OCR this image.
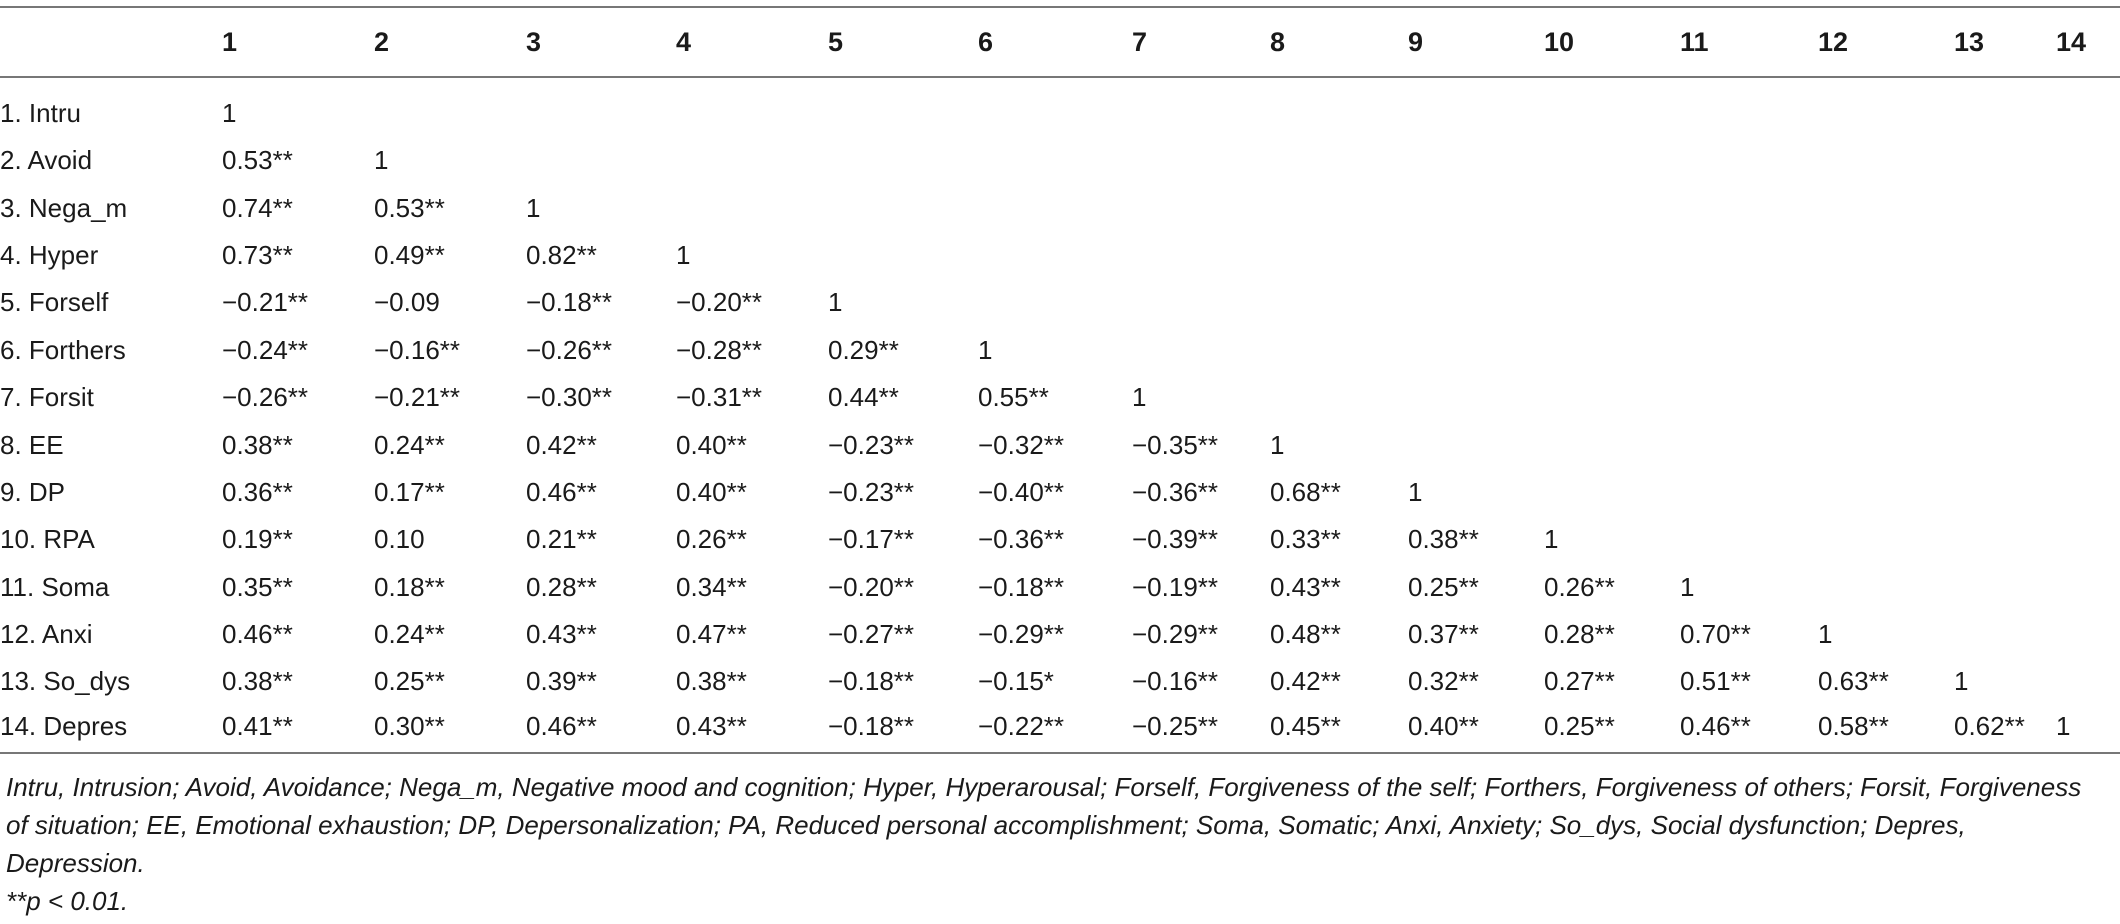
	1	2	3	4	5	6	7	8	9	10	11	12	13	14
1. Intru	1													
2. Avoid	0.53**	1												
3. Nega_m	0.74**	0.53**	1											
4. Hyper	0.73**	0.49**	0.82**	1										
5. Forself	−0.21**	−0.09	−0.18**	−0.20**	1									
6. Forthers	−0.24**	−0.16**	−0.26**	−0.28**	0.29**	1								
7. Forsit	−0.26**	−0.21**	−0.30**	−0.31**	0.44**	0.55**	1							
8. EE	0.38**	0.24**	0.42**	0.40**	−0.23**	−0.32**	−0.35**	1						
9. DP	0.36**	0.17**	0.46**	0.40**	−0.23**	−0.40**	−0.36**	0.68**	1					
10. RPA	0.19**	0.10	0.21**	0.26**	−0.17**	−0.36**	−0.39**	0.33**	0.38**	1				
11. Soma	0.35**	0.18**	0.28**	0.34**	−0.20**	−0.18**	−0.19**	0.43**	0.25**	0.26**	1			
12. Anxi	0.46**	0.24**	0.43**	0.47**	−0.27**	−0.29**	−0.29**	0.48**	0.37**	0.28**	0.70**	1		
13. So_dys	0.38**	0.25**	0.39**	0.38**	−0.18**	−0.15*	−0.16**	0.42**	0.32**	0.27**	0.51**	0.63**	1	
14. Depres	0.41**	0.30**	0.46**	0.43**	−0.18**	−0.22**	−0.25**	0.45**	0.40**	0.25**	0.46**	0.58**	0.62**	1

Intru, Intrusion; Avoid, Avoidance; Nega_m, Negative mood and cognition; Hyper, Hyperarousal; Forself, Forgiveness of the self; Forthers, Forgiveness of others; Forsit, Forgiveness of situation; EE, Emotional exhaustion; DP, Depersonalization; PA, Reduced personal accomplishment; Soma, Somatic; Anxi, Anxiety; So_dys, Social dysfunction; Depres, Depression.

**p < 0.01.
